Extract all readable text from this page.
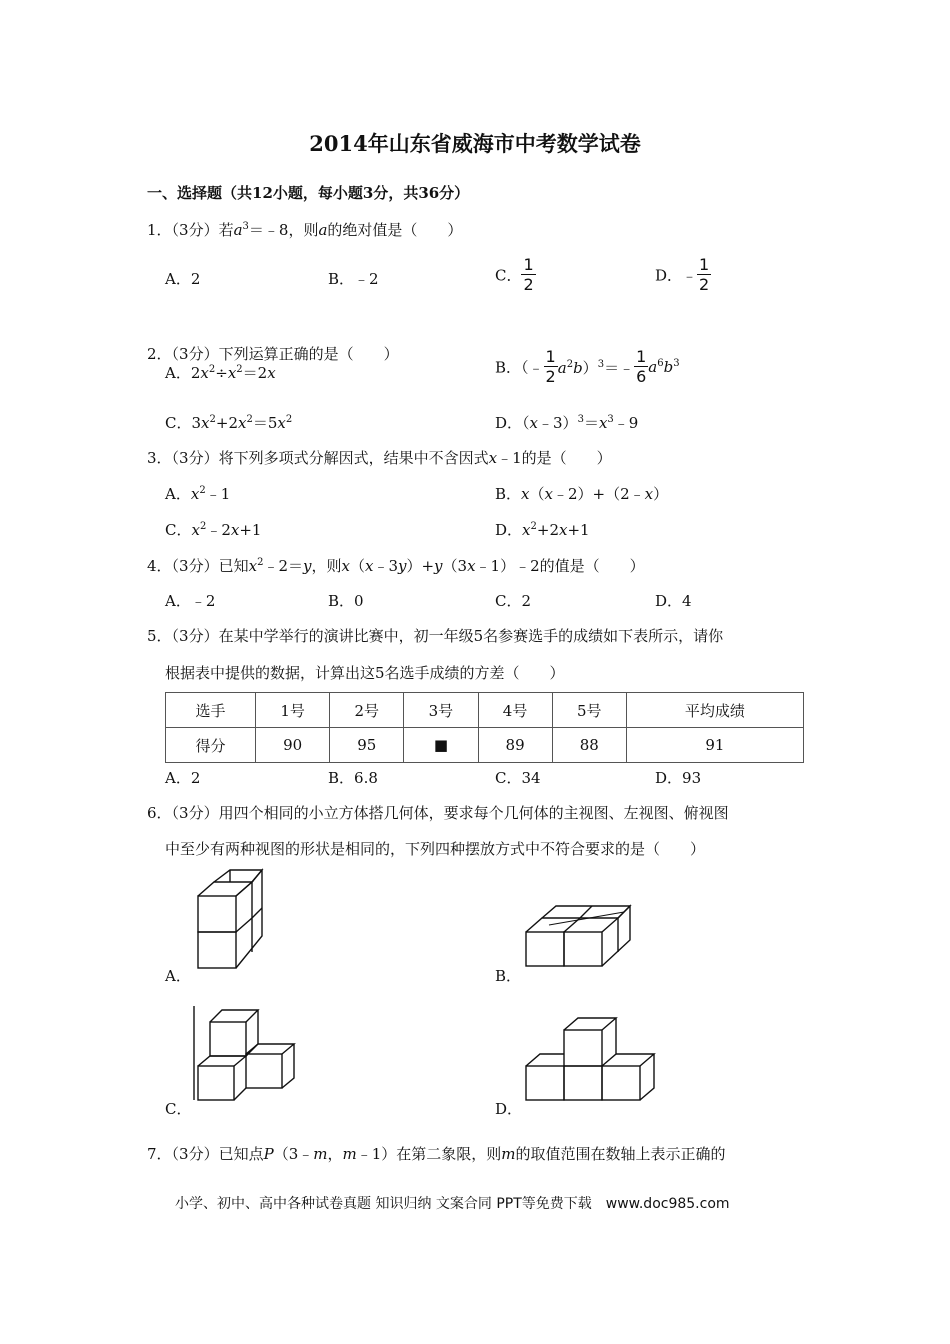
2014年山东省威海市中考数学试卷
一、选择题（共12小题，每小题3分，共36分）
1．（3分）若$a^3=﹣8$，则a的绝对值是（　　）
A．2	B．﹣2	C． $\frac{1}{2}$	D．﹣ $\frac{1}{2}$
2．（3分）下列运算正确的是（　　）
A．$2x^2\div x^2=2x$	B．（﹣ $\frac{1}{2}$ $a^2b)^3=﹣ \frac{1}{6} a^6b^3$
C．$3x^2+2x^2=5x^2$	D．$(x﹣3)^3=x^3﹣9$
3．（3分）将下列多项式分解因式，结果中不含因式x﹣1的是（　　）
A．$x^2﹣1$	B．x（x﹣2）+（2﹣x）
C．$x^2﹣2x+1$	D．$x^2+2x+1$
4．（3分）已知$x^2﹣2=y$，则x（x﹣3y）+y（3x﹣1）﹣2的值是（　　）
A．﹣2	B．0	C．2	D．4
5．（3分）在某中学举行的演讲比赛中，初一年级5名参赛选手的成绩如下表所示，请你
根据表中提供的数据，计算出这5名选手成绩的方差（　　）
选手	1号	2号	3号	4号	5号	平均成绩
得分	90	95	■	89	88	91
A．2	B．6.8	C．34	D．93
6．（3分）用四个相同的小立方体搭几何体，要求每个几何体的主视图、左视图、俯视图
中至少有两种视图的形状是相同的，下列四种摆放方式中不符合要求的是（　　）
A．	B．
C．	D．
7．（3分）已知点P（3﹣m，m﹣1）在第二象限，则m的取值范围在数轴上表示正确的
小学、初中、高中各种试卷真题 知识归纳 文案合同 PPT等免费下载　www.doc985.com
